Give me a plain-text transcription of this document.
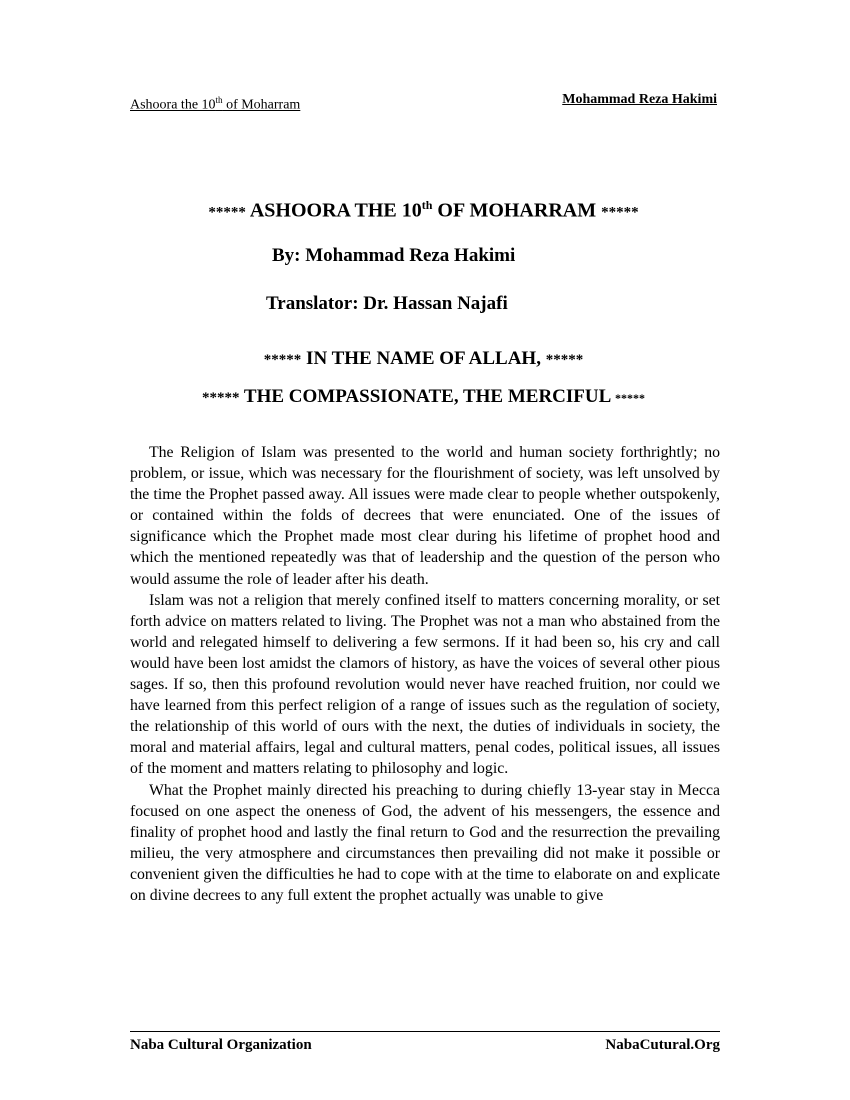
Ashoora the 10th of Moharram	Mohammad Reza Hakimi
***** ASHOORA THE 10th OF MOHARRAM *****
By: Mohammad Reza Hakimi
Translator: Dr. Hassan Najafi
***** IN THE NAME OF ALLAH, *****
***** THE COMPASSIONATE, THE MERCIFUL *****

The Religion of Islam was presented to the world and human society forthrightly; no problem, or issue, which was necessary for the flourishment of society, was left unsolved by the time the Prophet passed away. All issues were made clear to people whether outspokenly, or contained within the folds of decrees that were enunciated. One of the issues of significance which the Prophet made most clear during his lifetime of prophet hood and which the mentioned repeatedly was that of leadership and the question of the person who would assume the role of leader after his death.

Islam was not a religion that merely confined itself to matters concerning morality, or set forth advice on matters related to living. The Prophet was not a man who abstained from the world and relegated himself to delivering a few sermons. If it had been so, his cry and call would have been lost amidst the clamors of history, as have the voices of several other pious sages. If so, then this profound revolution would never have reached fruition, nor could we have learned from this perfect religion of a range of issues such as the regulation of society, the relationship of this world of ours with the next, the duties of individuals in society, the moral and material affairs, legal and cultural matters, penal codes, political issues, all issues of the moment and matters relating to philosophy and logic.

What the Prophet mainly directed his preaching to during chiefly 13-year stay in Mecca focused on one aspect the oneness of God, the advent of his messengers, the essence and finality of prophet hood and lastly the final return to God and the resurrection the prevailing milieu, the very atmosphere and circumstances then prevailing did not make it possible or convenient given the difficulties he had to cope with at the time to elaborate on and explicate on divine decrees to any full extent the prophet actually was unable to give

Naba Cultural Organization	NabaCutural.Org
